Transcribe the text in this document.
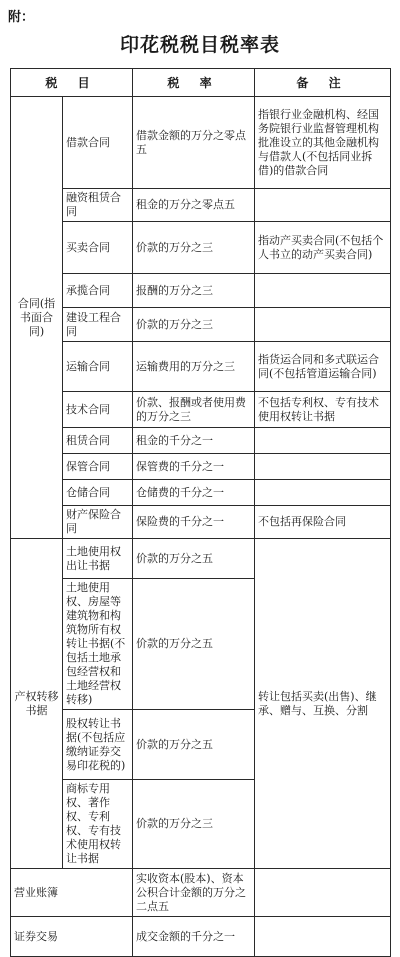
附：
印花税税目税率表
税 目		税 率	备 注
合同(指书面合同)	借款合同	借款金额的万分之零点五	指银行业金融机构、经国务院银行业监督管理机构批准设立的其他金融机构与借款人(不包括同业拆借)的借款合同
	融资租赁合同	租金的万分之零点五	
	买卖合同	价款的万分之三	指动产买卖合同(不包括个人书立的动产买卖合同)
	承揽合同	报酬的万分之三	
	建设工程合同	价款的万分之三	
	运输合同	运输费用的万分之三	指货运合同和多式联运合同(不包括管道运输合同)
	技术合同	价款、报酬或者使用费的万分之三	不包括专利权、专有技术使用权转让书据
	租赁合同	租金的千分之一	
	保管合同	保管费的千分之一	
	仓储合同	仓储费的千分之一	
	财产保险合同	保险费的千分之一	不包括再保险合同
产权转移书据	土地使用权出让书据	价款的万分之五	转让包括买卖(出售)、继承、赠与、互换、分割
	土地使用权、房屋等建筑物和构筑物所有权转让书据(不包括土地承包经营权和土地经营权转移)	价款的万分之五	
	股权转让书据(不包括应缴纳证券交易印花税的)	价款的万分之五	
	商标专用权、著作权、专利权、专有技术使用权转让书据	价款的万分之三	
营业账簿		实收资本(股本)、资本公积合计金额的万分之二点五	
证券交易		成交金额的千分之一	
